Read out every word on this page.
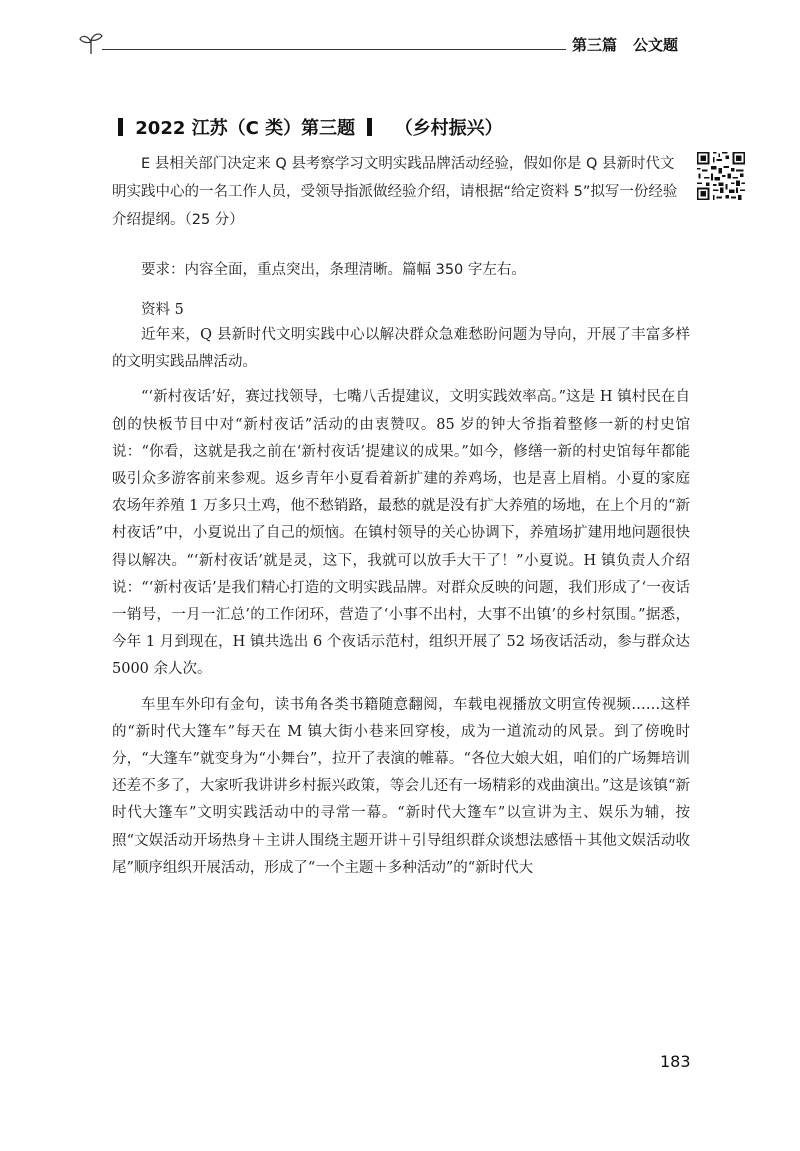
第三篇	公文题
2022 江苏（C 类）第三题 （乡村振兴）
E 县相关部门决定来 Q 县考察学习文明实践品牌活动经验，假如你是 Q 县新时代文明实践中心的一名工作人员，受领导指派做经验介绍，请根据“给定资料 5”拟写一份经验介绍提纲。（25 分）
要求：内容全面，重点突出，条理清晰。篇幅 350 字左右。
资料 5

近年来，Q 县新时代文明实践中心以解决群众急难愁盼问题为导向，开展了丰富多样的文明实践品牌活动。

“‘新村夜话’好，赛过找领导，七嘴八舌提建议，文明实践效率高。”这是 H 镇村民在自创的快板节目中对“新村夜话”活动的由衷赞叹。85 岁的钟大爷指着整修一新的村史馆说：“你看，这就是我之前在‘新村夜话’提建议的成果。”如今，修缮一新的村史馆每年都能吸引众多游客前来参观。返乡青年小夏看着新扩建的养鸡场，也是喜上眉梢。小夏的家庭农场年养殖 1 万多只土鸡，他不愁销路，最愁的就是没有扩大养殖的场地，在上个月的“新村夜话”中，小夏说出了自己的烦恼。在镇村领导的关心协调下，养殖场扩建用地问题很快得以解决。“‘新村夜话’就是灵，这下，我就可以放手大干了！”小夏说。H 镇负责人介绍说：“‘新村夜话’是我们精心打造的文明实践品牌。对群众反映的问题，我们形成了‘一夜话一销号，一月一汇总’的工作闭环，营造了‘小事不出村，大事不出镇’的乡村氛围。”据悉，今年 1 月到现在，H 镇共选出 6 个夜话示范村，组织开展了 52 场夜话活动，参与群众达 5000 余人次。

车里车外印有金句，读书角各类书籍随意翻阅，车载电视播放文明宣传视频……这样的“新时代大篷车”每天在 M 镇大街小巷来回穿梭，成为一道流动的风景。到了傍晚时分，“大篷车”就变身为“小舞台”，拉开了表演的帷幕。“各位大娘大姐，咱们的广场舞培训还差不多了，大家听我讲讲乡村振兴政策，等会儿还有一场精彩的戏曲演出。”这是该镇“新时代大篷车”文明实践活动中的寻常一幕。“新时代大篷车”以宣讲为主、娱乐为辅，按照“文娱活动开场热身＋主讲人围绕主题开讲＋引导组织群众谈想法感悟＋其他文娱活动收尾”顺序组织开展活动，形成了“一个主题＋多种活动”的“新时代大

183
